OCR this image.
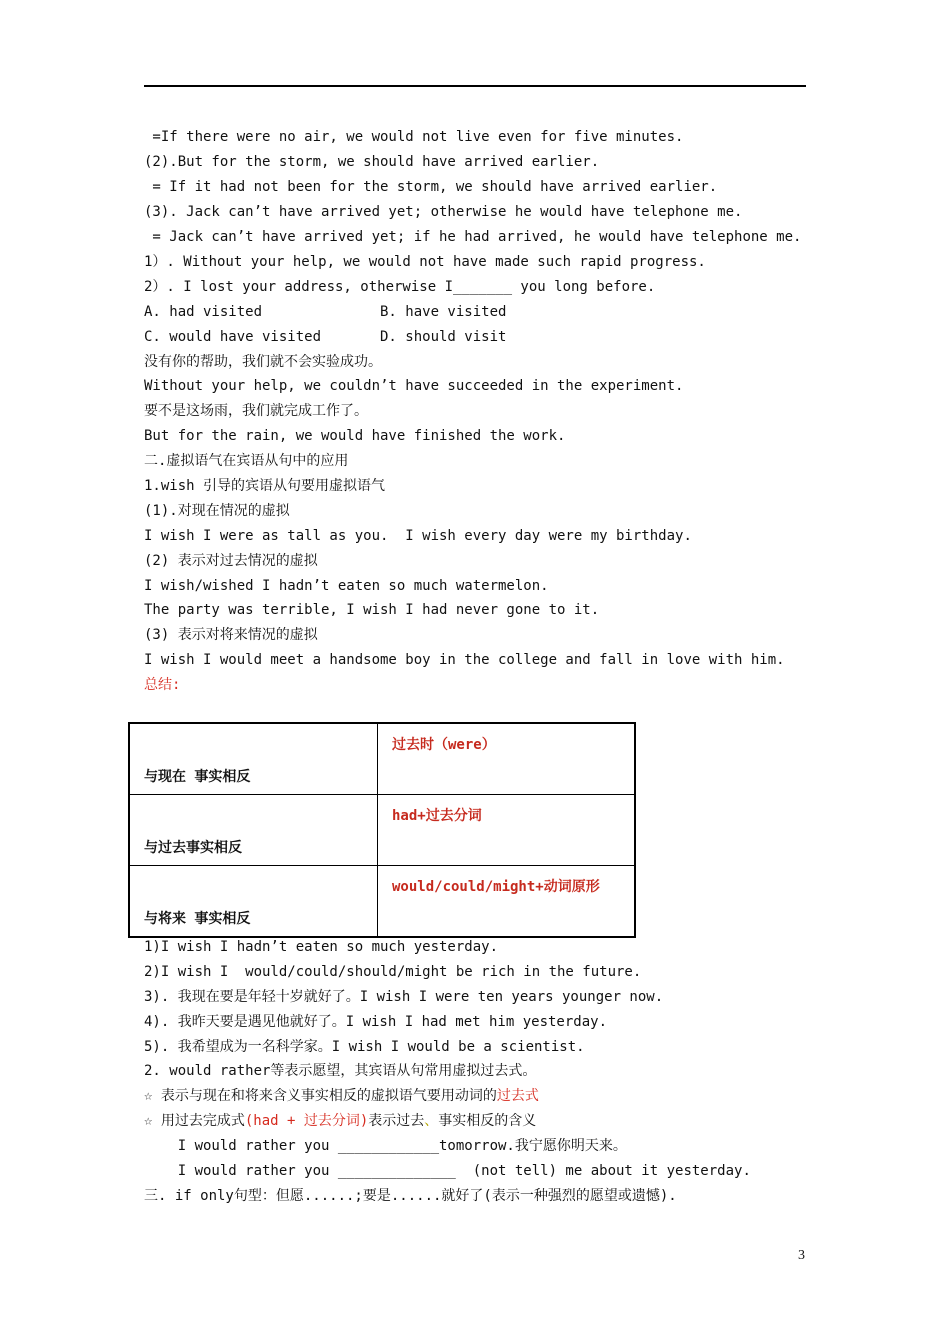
=If there were no air, we would not live even for five minutes.
(2).But for the storm, we should have arrived earlier.
= If it had not been for the storm, we should have arrived earlier.
(3). Jack can’t have arrived yet; otherwise he would have telephone me.
= Jack can’t have arrived yet; if he had arrived, he would have telephone me.
1）. Without your help, we would not have made such rapid progress.
2）. I lost your address, otherwise I_______ you long before.
A. had visited              B. have visited
C. would have visited       D. should visit
没有你的帮助，我们就不会实验成功。
Without your help, we couldn’t have succeeded in the experiment.
要不是这场雨，我们就完成工作了。
But for the rain, we would have finished the work.
二.虚拟语气在宾语从句中的应用
1.wish 引导的宾语从句要用虚拟语气
(1).对现在情况的虚拟
I wish I were as tall as you.  I wish every day were my birthday.
(2) 表示对过去情况的虚拟
I wish/wished I hadn’t eaten so much watermelon.
The party was terrible, I wish I had never gone to it.
(3) 表示对将来情况的虚拟
I wish I would meet a handsome boy in the college and fall in love with him.
总结:
与现在 事实相反	过去时（were）
与过去事实相反	had+过去分词
与将来 事实相反	would/could/might+动词原形
1)I wish I hadn’t eaten so much yesterday.
2)I wish I  would/could/should/might be rich in the future.
3). 我现在要是年轻十岁就好了。I wish I were ten years younger now.
4). 我昨天要是遇见他就好了。I wish I had met him yesterday.
5). 我希望成为一名科学家。I wish I would be a scientist.
2. would rather等表示愿望，其宾语从句常用虚拟过去式。
☆ 表示与现在和将来含义事实相反的虚拟语气要用动词的过去式
☆ 用过去完成式(had + 过去分词)表示过去、事实相反的含义
I would rather you ____________tomorrow.我宁愿你明天来。
I would rather you ______________  (not tell) me about it yesterday.
三. if only句型：但愿......;要是......就好了(表示一种强烈的愿望或遗憾).
3
